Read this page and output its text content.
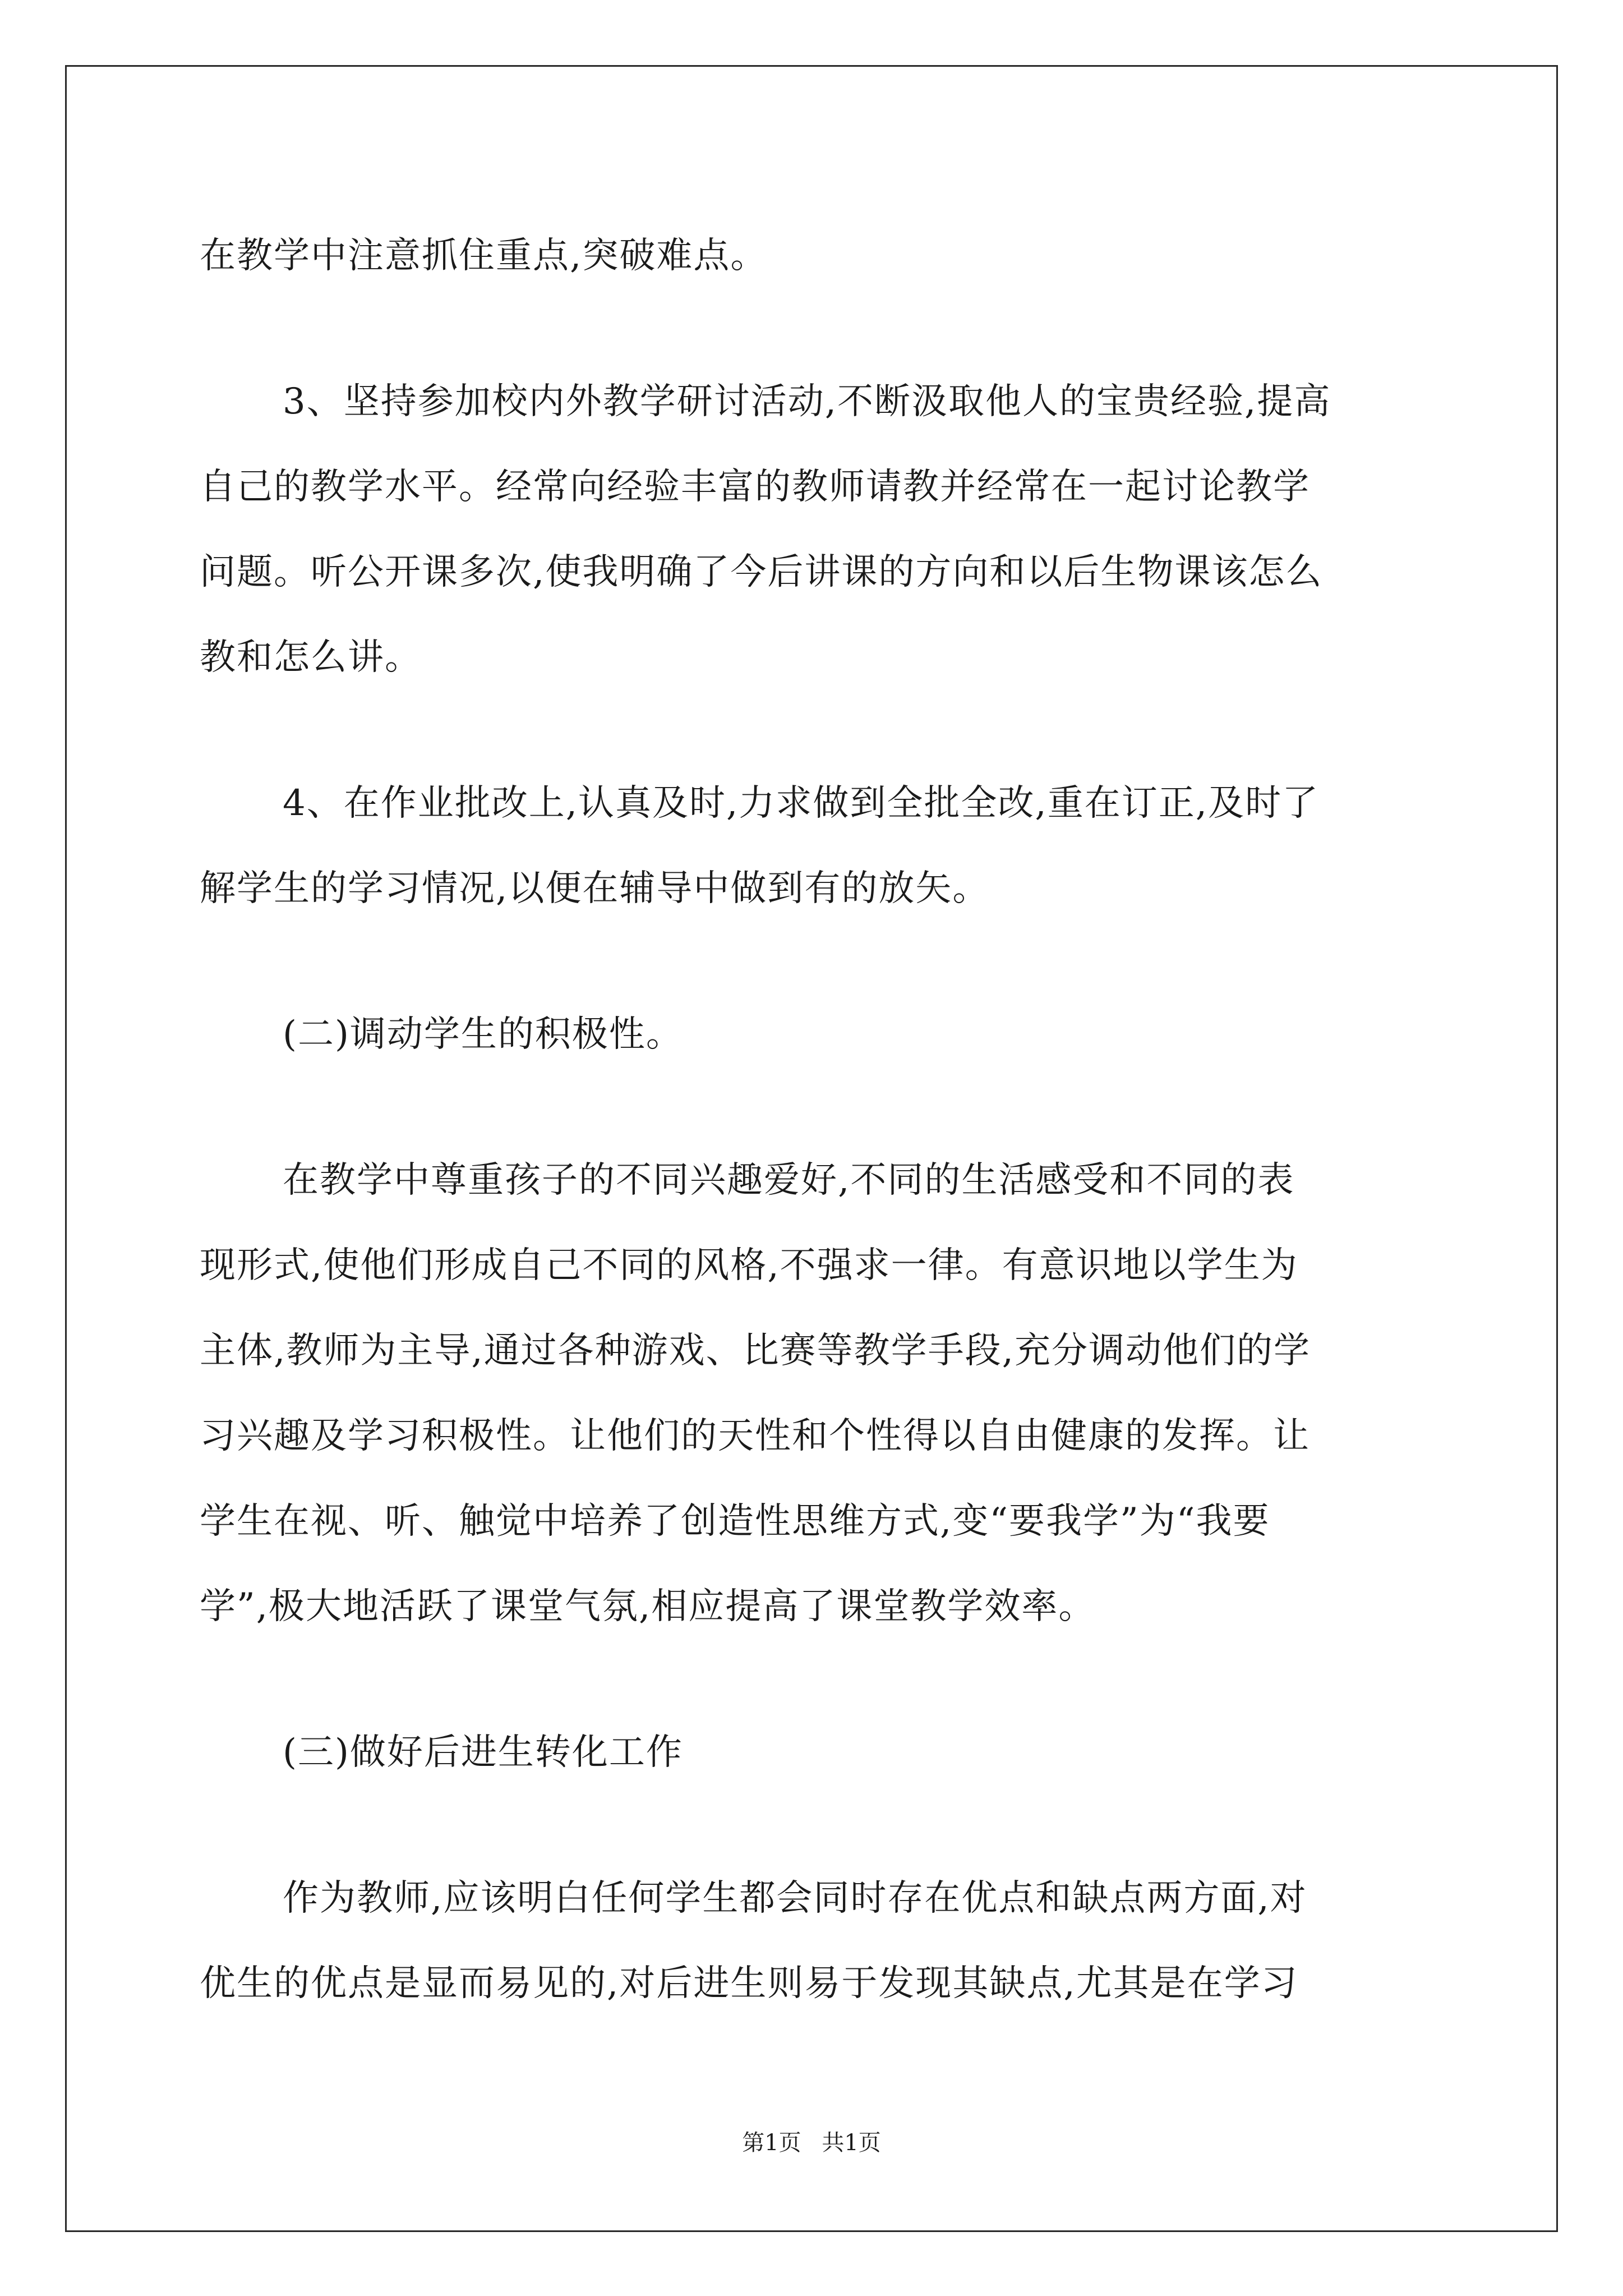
在教学中注意抓住重点,突破难点。

3、坚持参加校内外教学研讨活动,不断汲取他人的宝贵经验,提高

自己的教学水平。经常向经验丰富的教师请教并经常在一起讨论教学

问题。听公开课多次,使我明确了今后讲课的方向和以后生物课该怎么

教和怎么讲。

4、在作业批改上,认真及时,力求做到全批全改,重在订正,及时了

解学生的学习情况,以便在辅导中做到有的放矢。

(二)调动学生的积极性。

在教学中尊重孩子的不同兴趣爱好,不同的生活感受和不同的表

现形式,使他们形成自己不同的风格,不强求一律。有意识地以学生为

主体,教师为主导,通过各种游戏、比赛等教学手段,充分调动他们的学

习兴趣及学习积极性。让他们的天性和个性得以自由健康的发挥。让

学生在视、听、触觉中培养了创造性思维方式,变“要我学”为“我要

学”,极大地活跃了课堂气氛,相应提高了课堂教学效率。

(三)做好后进生转化工作

作为教师,应该明白任何学生都会同时存在优点和缺点两方面,对

优生的优点是显而易见的,对后进生则易于发现其缺点,尤其是在学习

第1页 共1页
